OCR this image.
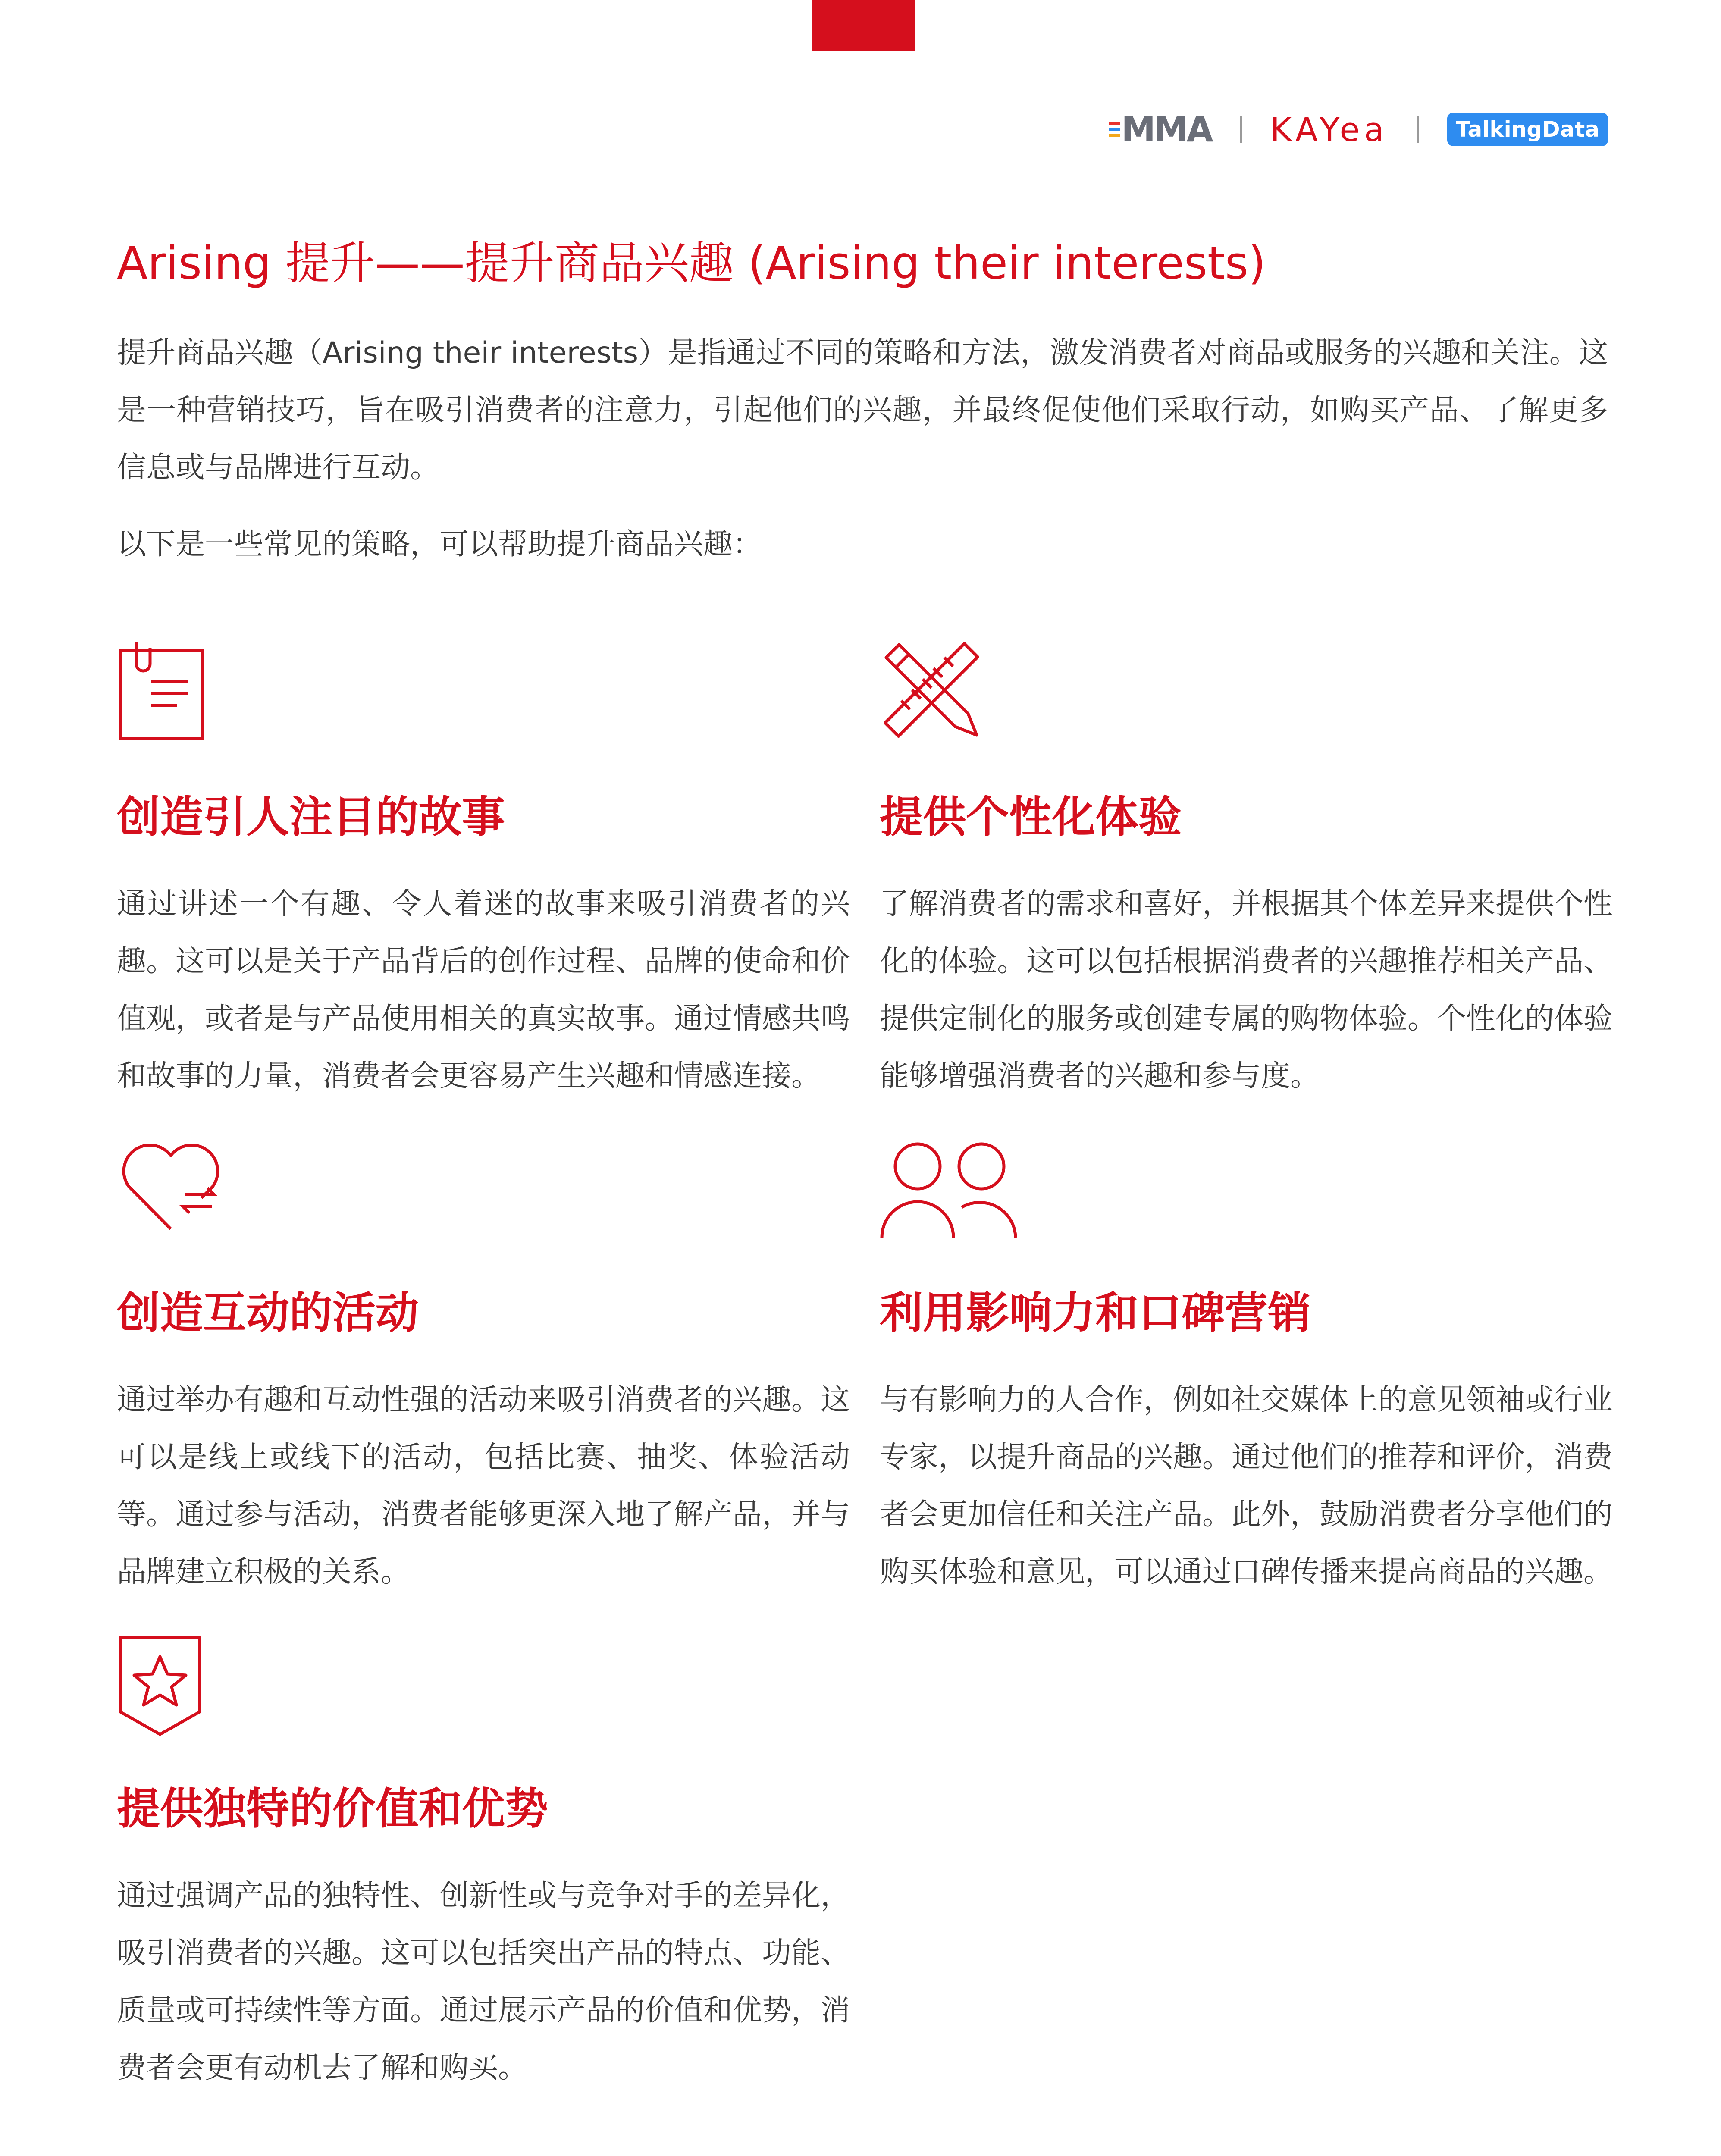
MMA KAYea	TalkingData
Arising 提升——提升商品兴趣 (Arising their interests)

提升商品兴趣（Arising their interests）是指通过不同的策略和方法，激发消费者对商品或服务的兴趣和关注。这是一种营销技巧，旨在吸引消费者的注意力，引起他们的兴趣，并最终促使他们采取行动，如购买产品、了解更多信息或与品牌进行互动。

以下是一些常见的策略，可以帮助提升商品兴趣：

创造引人注目的故事

通过讲述一个有趣、令人着迷的故事来吸引消费者的兴趣。这可以是关于产品背后的创作过程、品牌的使命和价值观，或者是与产品使用相关的真实故事。通过情感共鸣和故事的力量，消费者会更容易产生兴趣和情感连接。

提供个性化体验

了解消费者的需求和喜好，并根据其个体差异来提供个性化的体验。这可以包括根据消费者的兴趣推荐相关产品、提供定制化的服务或创建专属的购物体验。个性化的体验能够增强消费者的兴趣和参与度。

创造互动的活动

通过举办有趣和互动性强的活动来吸引消费者的兴趣。这可以是线上或线下的活动，包括比赛、抽奖、体验活动等。通过参与活动，消费者能够更深入地了解产品，并与品牌建立积极的关系。

利用影响力和口碑营销

与有影响力的人合作，例如社交媒体上的意见领袖或行业专家，以提升商品的兴趣。通过他们的推荐和评价，消费者会更加信任和关注产品。此外，鼓励消费者分享他们的购买体验和意见，可以通过口碑传播来提高商品的兴趣。

提供独特的价值和优势

通过强调产品的独特性、创新性或与竞争对手的差异化，吸引消费者的兴趣。这可以包括突出产品的特点、功能、质量或可持续性等方面。通过展示产品的价值和优势，消费者会更有动机去了解和购买。
